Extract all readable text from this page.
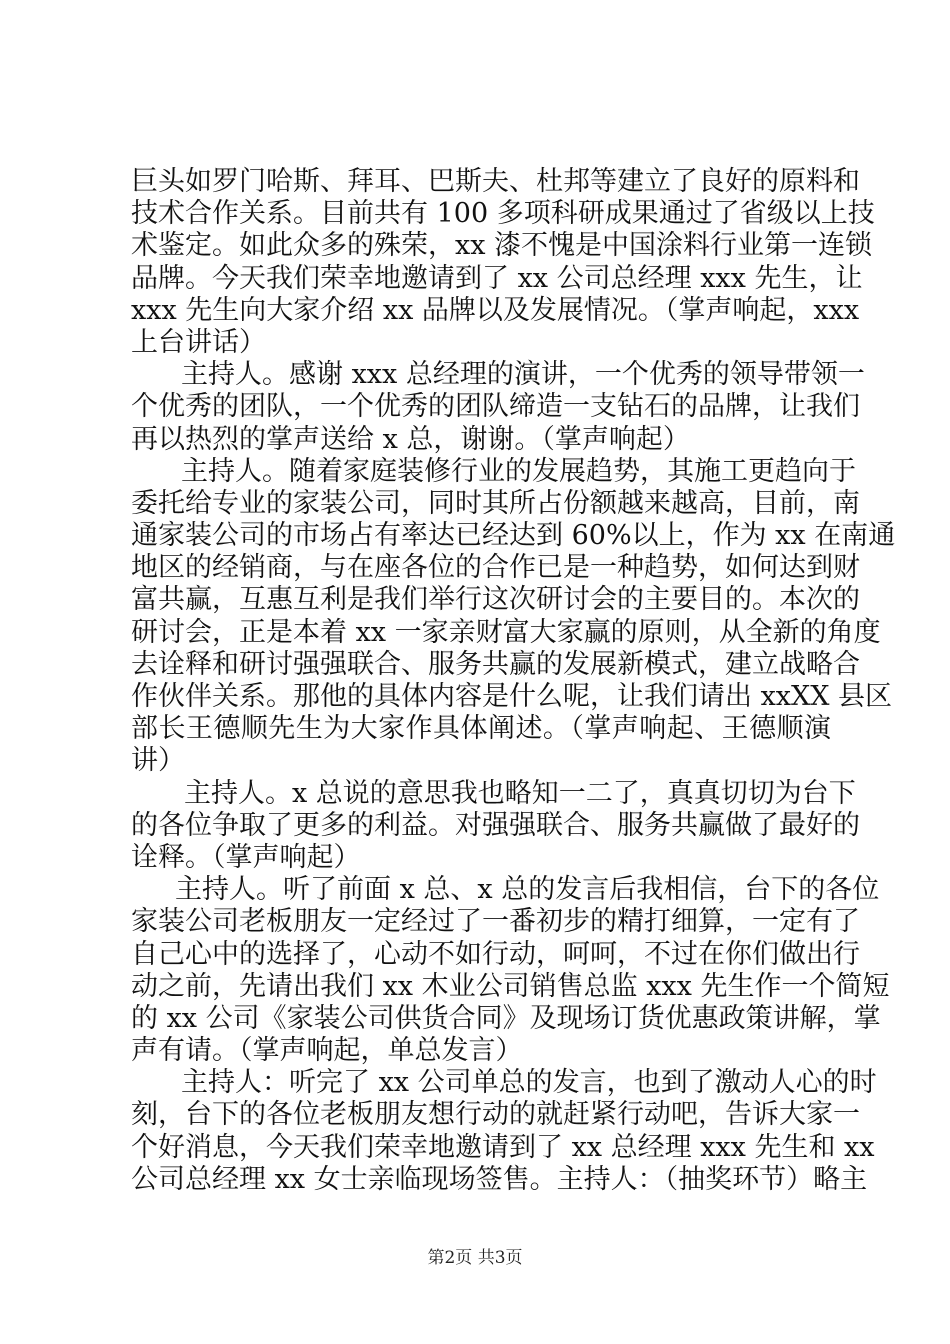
巨头如罗门哈斯、拜耳、巴斯夫、杜邦等建立了良好的原料和
技术合作关系。目前共有 100 多项科研成果通过了省级以上技
术鉴定。如此众多的殊荣，xx 漆不愧是中国涂料行业第一连锁
品牌。今天我们荣幸地邀请到了 xx 公司总经理 xxx 先生，让
xxx 先生向大家介绍 xx 品牌以及发展情况。（掌声响起，xxx
上台讲话）
主持人。感谢 xxx 总经理的演讲，一个优秀的领导带领一
个优秀的团队，一个优秀的团队缔造一支钻石的品牌，让我们
再以热烈的掌声送给 x 总，谢谢。（掌声响起）
主持人。随着家庭装修行业的发展趋势，其施工更趋向于
委托给专业的家装公司，同时其所占份额越来越高，目前，南
通家装公司的市场占有率达已经达到 60%以上，作为 xx 在南通
地区的经销商，与在座各位的合作已是一种趋势，如何达到财
富共赢，互惠互利是我们举行这次研讨会的主要目的。本次的
研讨会，正是本着 xx 一家亲财富大家赢的原则，从全新的角度
去诠释和研讨强强联合、服务共赢的发展新模式，建立战略合
作伙伴关系。那他的具体内容是什么呢，让我们请出 xxXX 县区
部长王德顺先生为大家作具体阐述。（掌声响起、王德顺演
讲）
主持人。x 总说的意思我也略知一二了，真真切切为台下
的各位争取了更多的利益。对强强联合、服务共赢做了最好的
诠释。（掌声响起）
主持人。听了前面 x 总、x 总的发言后我相信，台下的各位
家装公司老板朋友一定经过了一番初步的精打细算，一定有了
自己心中的选择了，心动不如行动，呵呵，不过在你们做出行
动之前，先请出我们 xx 木业公司销售总监 xxx 先生作一个简短
的 xx 公司《家装公司供货合同》及现场订货优惠政策讲解，掌
声有请。（掌声响起，单总发言）
主持人：听完了 xx 公司单总的发言，也到了激动人心的时
刻，台下的各位老板朋友想行动的就赶紧行动吧，告诉大家一
个好消息，今天我们荣幸地邀请到了 xx 总经理 xxx 先生和 xx
公司总经理 xx 女士亲临现场签售。主持人：（抽奖环节）略主
第2页 共3页
